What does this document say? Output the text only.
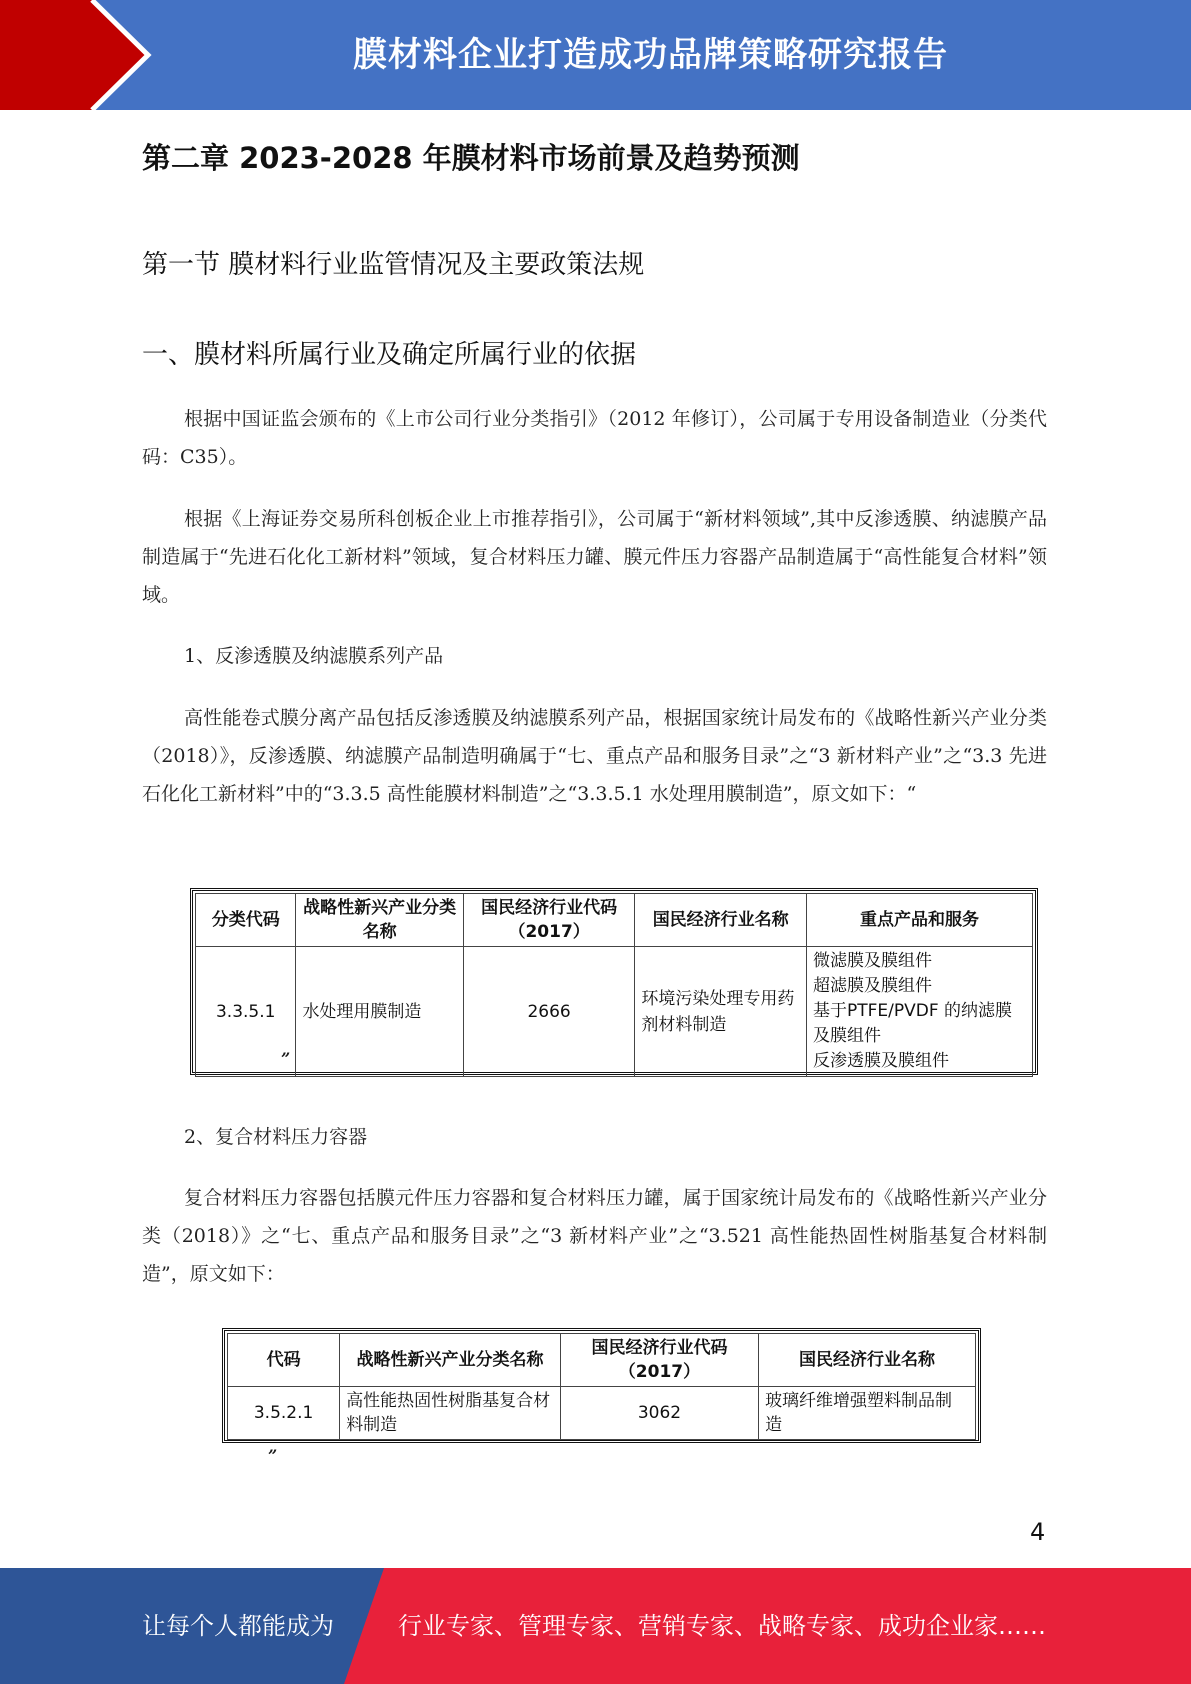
膜材料企业打造成功品牌策略研究报告
第二章 2023-2028 年膜材料市场前景及趋势预测
第一节 膜材料行业监管情况及主要政策法规
一、膜材料所属行业及确定所属行业的依据

根据中国证监会颁布的《上市公司行业分类指引》（2012 年修订），公司属于专用设备制造业（分类代码：C35）。

根据《上海证券交易所科创板企业上市推荐指引》，公司属于“新材料领域”,其中反渗透膜、纳滤膜产品制造属于“先进石化化工新材料”领域，复合材料压力罐、膜元件压力容器产品制造属于“高性能复合材料”领域。

1、反渗透膜及纳滤膜系列产品

高性能卷式膜分离产品包括反渗透膜及纳滤膜系列产品，根据国家统计局发布的《战略性新兴产业分类（2018）》，反渗透膜、纳滤膜产品制造明确属于“七、重点产品和服务目录”之“3 新材料产业”之“3.3 先进石化化工新材料”中的“3.3.5 高性能膜材料制造”之“3.3.5.1 水处理用膜制造”，原文如下：“

分类代码	战略性新兴产业分类名称	国民经济行业代码（2017）	国民经济行业名称	重点产品和服务
3.3.5.1	水处理用膜制造	2666	环境污染处理专用药剂材料制造	微滤膜及膜组件
超滤膜及膜组件
基于PTFE/PVDF 的纳滤膜及膜组件
反渗透膜及膜组件
”

2、复合材料压力容器

复合材料压力容器包括膜元件压力容器和复合材料压力罐，属于国家统计局发布的《战略性新兴产业分类（2018）》之“七、重点产品和服务目录”之“3 新材料产业”之“3.521 高性能热固性树脂基复合材料制造”，原文如下：

代码	战略性新兴产业分类名称	国民经济行业代码（2017）	国民经济行业名称
3.5.2.1	高性能热固性树脂基复合材料制造	3062	玻璃纤维增强塑料制品制造
”
4
让每个人都能成为	行业专家、管理专家、营销专家、战略专家、成功企业家……
